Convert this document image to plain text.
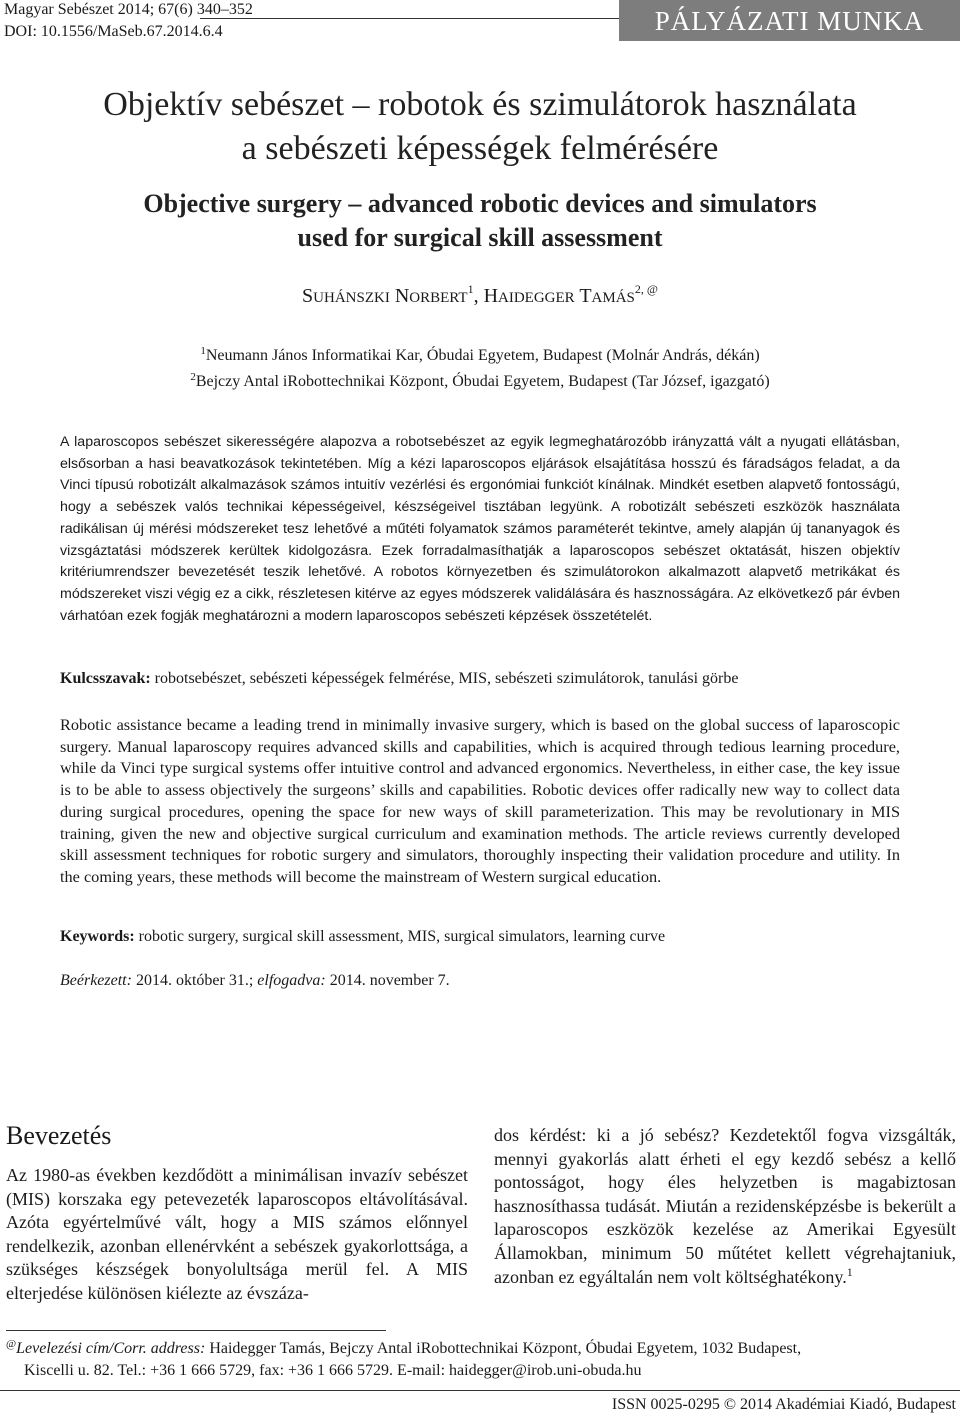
Magyar Sebészet 2014; 67(6) 340–352
DOI: 10.1556/MaSeb.67.2014.6.4	PÁLYÁZATI MUNKA
Objektív sebészet – robotok és szimulátorok használata
a sebészeti képességek felmérésére
Objective surgery – advanced robotic devices and simulators
used for surgical skill assessment
SUHÁNSZKI NORBERT$^1$, HAIDEGGER $TAMÁS^{2, @}$
$^1$Neumann János Informatikai Kar, Óbudai Egyetem, Budapest (Molnár András, dékán)
$^2$Bejczy Antal iRobottechnikai Központ, Óbudai Egyetem, Budapest (Tar József, igazgató)

A laparoscopos sebészet sikerességére alapozva a robotsebészet az egyik legmeghatározóbb irányzattá vált a nyugati ellátásban, elsősorban a hasi beavatkozások tekintetében. Míg a kézi laparoscopos eljárások elsajátítása hosszú és fáradságos feladat, a da Vinci típusú robotizált alkalmazások számos intuitív vezérlési és ergonómiai funkciót kínálnak. Mindkét esetben alapvető fontosságú, hogy a sebészek valós technikai képességeivel, készségeivel tisztában legyünk. A robotizált sebészeti eszközök használata radikálisan új mérési módszereket tesz lehetővé a műtéti folyamatok számos paraméterét tekintve, amely alapján új tananyagok és vizsgáztatási módszerek kerültek kidolgozásra. Ezek forradalmasíthatják a laparoscopos sebészet oktatását, hiszen objektív kritériumrendszer bevezetését teszik lehetővé. A robotos környezetben és szimulátorokon alkalmazott alapvető metrikákat és módszereket viszi végig ez a cikk, részletesen kitérve az egyes módszerek validálására és hasznosságára. Az elkövetkező pár évben várhatóan ezek fogják meghatározni a modern laparoscopos sebészeti képzések összetételét.

Kulcsszavak: robotsebészet, sebészeti képességek felmérése, MIS, sebészeti szimulátorok, tanulási görbe

Robotic assistance became a leading trend in minimally invasive surgery, which is based on the global success of laparoscopic surgery. Manual laparoscopy requires advanced skills and capabilities, which is acquired through tedious learning procedure, while da Vinci type surgical systems offer intuitive control and advanced ergonomics. Nevertheless, in either case, the key issue is to be able to assess objectively the surgeons’ skills and capabilities. Robotic devices offer radically new way to collect data during surgical procedures, opening the space for new ways of skill parameterization. This may be revolutionary in MIS training, given the new and objective surgical curriculum and examination methods. The article reviews currently developed skill assessment techniques for robotic surgery and simulators, thoroughly inspecting their validation procedure and utility. In the coming years, these methods will become the mainstream of Western surgical education.

Keywords: robotic surgery, surgical skill assessment, MIS, surgical simulators, learning curve
Beérkezett: 2014. október 31.; elfogadva: 2014. november 7.
Bevezetés

Az 1980-as években kezdődött a minimálisan invazív sebészet (MIS) korszaka egy petevezeték laparoscopos eltávolításával. Azóta egyértelművé vált, hogy a MIS számos előnnyel rendelkezik, azonban ellenérvként a sebészek gyakorlottsága, a szükséges készségek bonyolultsága merül fel. A MIS elterjedése különösen kiélezte az évszáza-

dos kérdést: ki a jó sebész? Kezdetektől fogva vizsgálták, mennyi gyakorlás alatt érheti el egy kezdő sebész a kellő pontosságot, hogy éles helyzetben is magabiztosan hasznosíthassa tudását. Miután a rezidensképzésbe is bekerült a laparoscopos eszközök kezelése az Amerikai Egyesült Államokban, minimum 50 műtétet kellett végrehajtaniuk, azonban ez egyáltalán nem volt költséghatékony.$^1$

@Levelezési cím/Corr. address: Haidegger Tamás, Bejczy Antal iRobottechnikai Központ, Óbudai Egyetem, 1032 Budapest,
Kiscelli u. 82. Tel.: +36 1 666 5729, fax: +36 1 666 5729. E-mail: haidegger@irob.uni-obuda.hu
ISSN 0025-0295 © 2014 Akadémiai Kiadó, Budapest
